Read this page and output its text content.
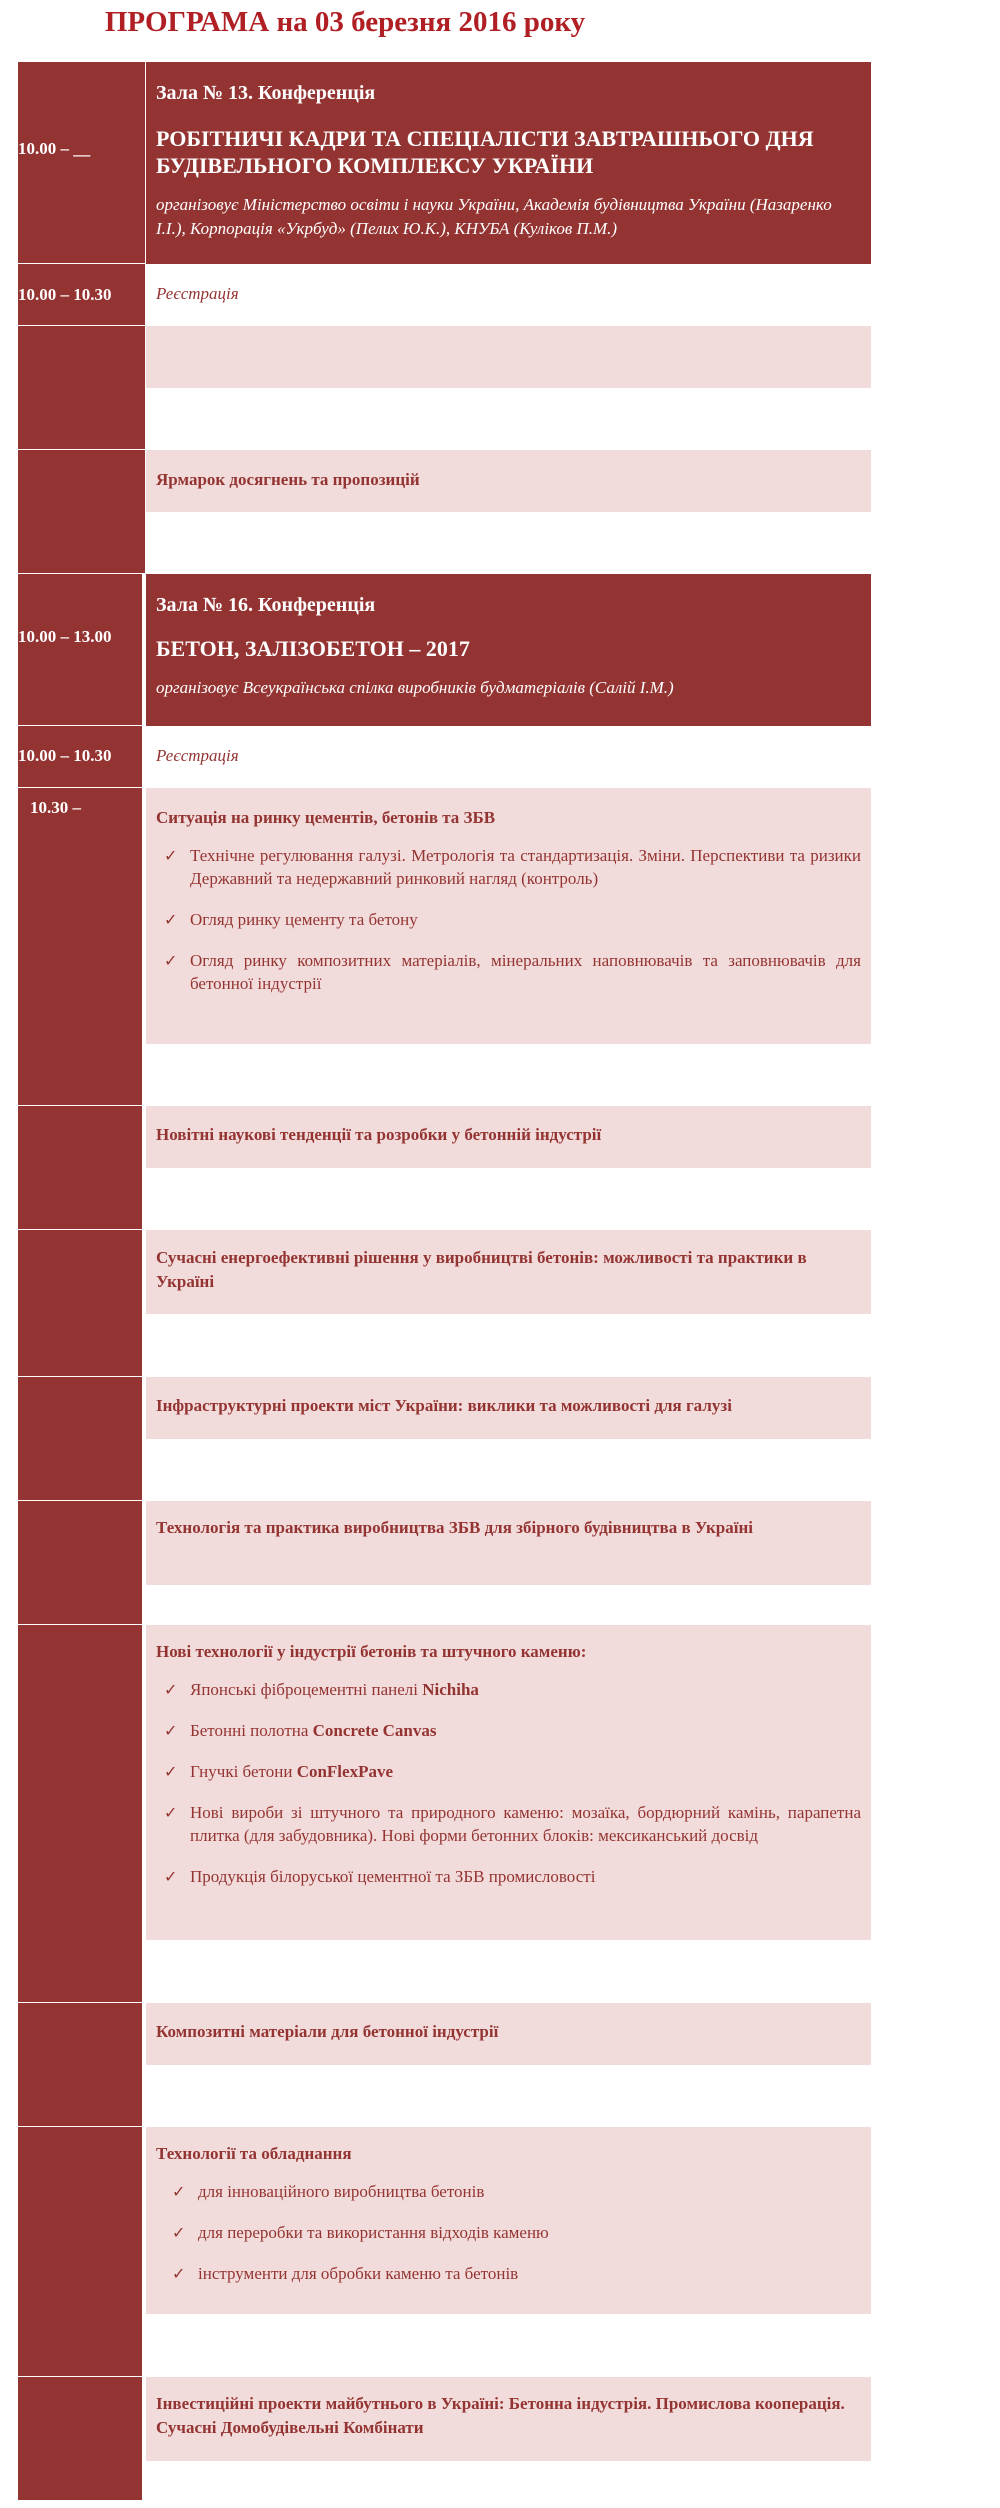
ПРОГРАМА на 03 березня 2016 року
10.00 – __
Зала № 13. Конференція
РОБІТНИЧІ КАДРИ ТА СПЕЦІАЛІСТИ ЗАВТРАШНЬОГО ДНЯ БУДІВЕЛЬНОГО КОМПЛЕКСУ УКРАЇНИ
організовує Міністерство освіти і науки України, Академія будівництва України (Назаренко І.І.), Корпорація «Укрбуд» (Пелих Ю.К.), КНУБА (Куліков П.М.)
10.00 – 10.30	Реєстрація
Ярмарок досягнень та пропозицій
10.00 – 13.00
Зала № 16. Конференція
БЕТОН, ЗАЛІЗОБЕТОН – 2017
організовує Всеукраїнська спілка виробників будматеріалів (Салій І.М.)
10.00 – 10.30	Реєстрація
10.30 –
Ситуація на ринку цементів, бетонів та ЗБВ
✓ Технічне регулювання галузі. Метрологія та стандартизація. Зміни. Перспективи та ризики Державний та недержавний ринковий нагляд (контроль)
✓ Огляд ринку цементу та бетону
✓ Огляд ринку композитних матеріалів, мінеральних наповнювачів та заповнювачів для бетонної індустрії
Новітні наукові тенденції та розробки у бетонній індустрії
Сучасні енергоефективні рішення у виробництві бетонів: можливості та практики в Україні
Інфраструктурні проекти міст України: виклики та можливості для галузі
Технологія та практика виробництва ЗБВ для збірного будівництва в Україні
Нові технології у індустрії бетонів та штучного каменю:
✓ Японські фіброцементні панелі Nichiha
✓ Бетонні полотна Concrete Canvas
✓ Гнучкі бетони ConFlexPave
✓ Нові вироби зі штучного та природного каменю: мозаїка, бордюрний камінь, парапетна плитка (для забудовника). Нові форми бетонних блоків: мексиканський досвід
✓ Продукція білоруської цементної та ЗБВ промисловості
Композитні матеріали для бетонної індустрії
Технології та обладнання
✓ для інноваційного виробництва бетонів
✓ для переробки та використання відходів каменю
✓ інструменти для обробки каменю та бетонів
Інвестиційні проекти майбутнього в Україні: Бетонна індустрія. Промислова кооперація. Сучасні Домобудівельні Комбінати
